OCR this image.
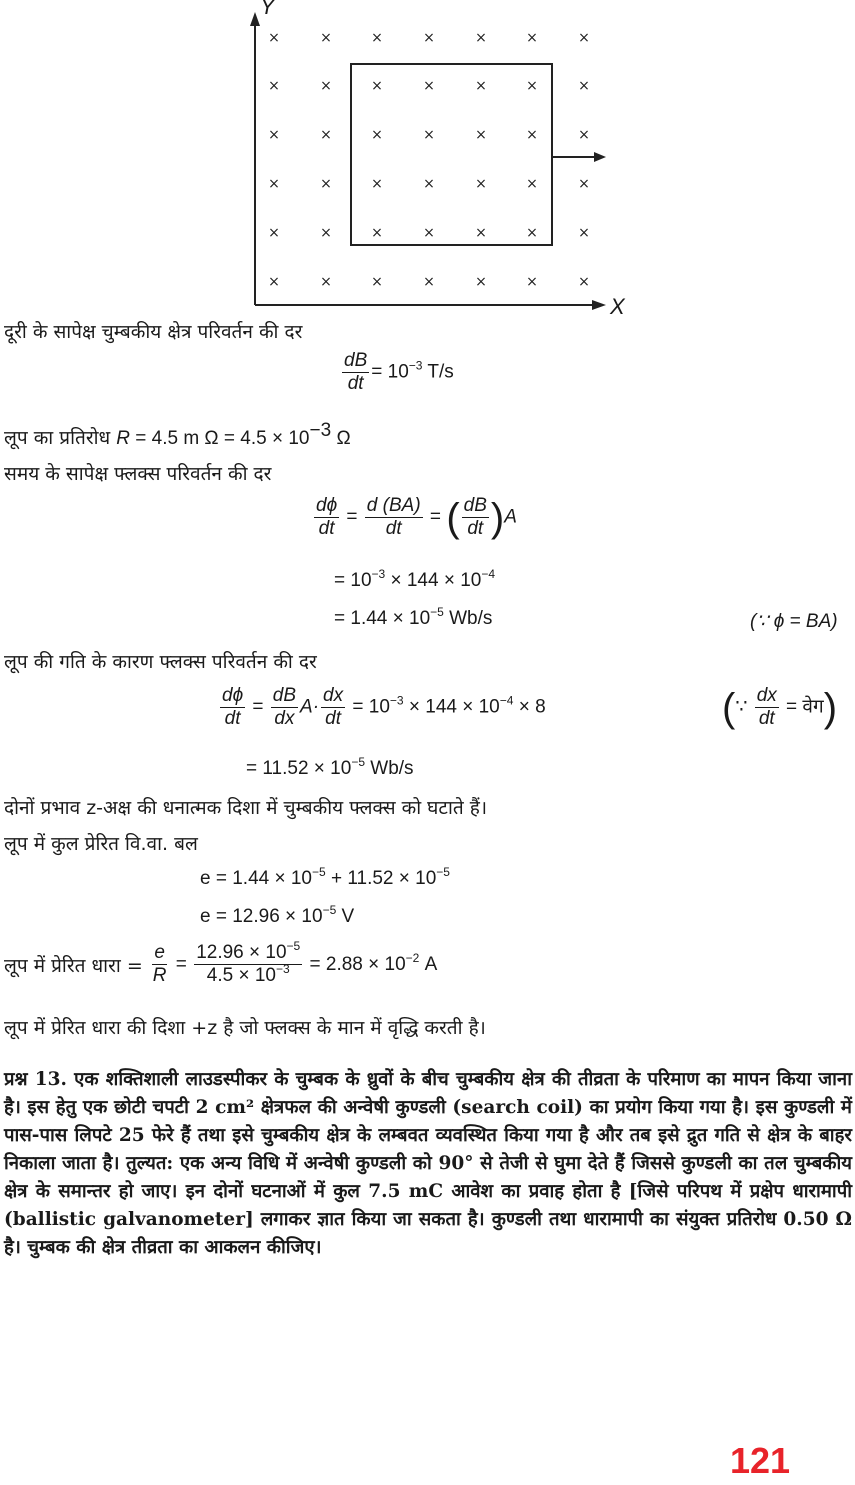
×	×	×	×	×	×	×
×	×	×	×	×	×	×
×	×	×	×	×	×	×
×	×	×	×	×	×	×
×	×	×	×	×	×	×
×	×	×	×	×	×	×
Y
X
दूरी के सापेक्ष चुम्बकीय क्षेत्र परिवर्तन की दर
$\frac{dB}{dt} = 10^{-3}$ T/s
लूप का प्रतिरोध R = 4.5 m $\Omega = 4.5 \times 10^{-3}$ Ω
समय के सापेक्ष फ्लक्स परिवर्तन की दर
$\frac{d\phi}{dt} = \frac{d (BA)}{dt}$ = ( $\frac{dB}{dt} )A$
= $10^{-3} \times 144 \times 10^{-4}$
= $1.44 \times 10^{-5}$ Wb/s	(∵ ϕ = BA)
लूप की गति के कारण फ्लक्स परिवर्तन की दर
$\frac{d\phi}{dt} = \frac{dB}{dx} A\cdot \frac{dx}{dt} = 10^{-3} \times 144 \times 10^{-4} \times 8$	(∵ $\frac{dx}{dt}$ = वेग)
= $11.52 \times 10^{-5}$ Wb/s
दोनों प्रभाव z-अक्ष की धनात्मक दिशा में चुम्बकीय फ्लक्स को घटाते हैं।
लूप में कुल प्रेरित वि.वा. बल
$e = 1.44 \times 10^{-5} + 11.52 \times 10^{-5}$
$e = 12.96 \times 10^{-5}$ V
लूप में प्रेरित धारा = $\frac{e}{R} = \frac{12.96 \times 10^{-5}}{4.5 \times 10^{-3}} = 2.88 \times 10^{-2}$ A
लूप में प्रेरित धारा की दिशा +z है जो फ्लक्स के मान में वृद्धि करती है।
प्रश्न 13. एक शक्तिशाली लाउडस्पीकर के चुम्बक के ध्रुवों के बीच चुम्बकीय क्षेत्र की तीव्रता के परिमाण का मापन किया जाना है। इस हेतु एक छोटी चपटी 2 cm² क्षेत्रफल की अन्वेषी कुण्डली (search coil) का प्रयोग किया गया है। इस कुण्डली में पास-पास लिपटे 25 फेरे हैं तथा इसे चुम्बकीय क्षेत्र के लम्बवत व्यवस्थित किया गया है और तब इसे द्रुत गति से क्षेत्र के बाहर निकाला जाता है। तुल्यत: एक अन्य विधि में अन्वेषी कुण्डली को 90° से तेजी से घुमा देते हैं जिससे कुण्डली का तल चुम्बकीय क्षेत्र के समान्तर हो जाए। इन दोनों घटनाओं में कुल 7.5 mC आवेश का प्रवाह होता है [जिसे परिपथ में प्रक्षेप धारामापी (ballistic galvanometer] लगाकर ज्ञात किया जा सकता है। कुण्डली तथा धारामापी का संयुक्त प्रतिरोध 0.50 Ω है। चुम्बक की क्षेत्र तीव्रता का आकलन कीजिए।
121
